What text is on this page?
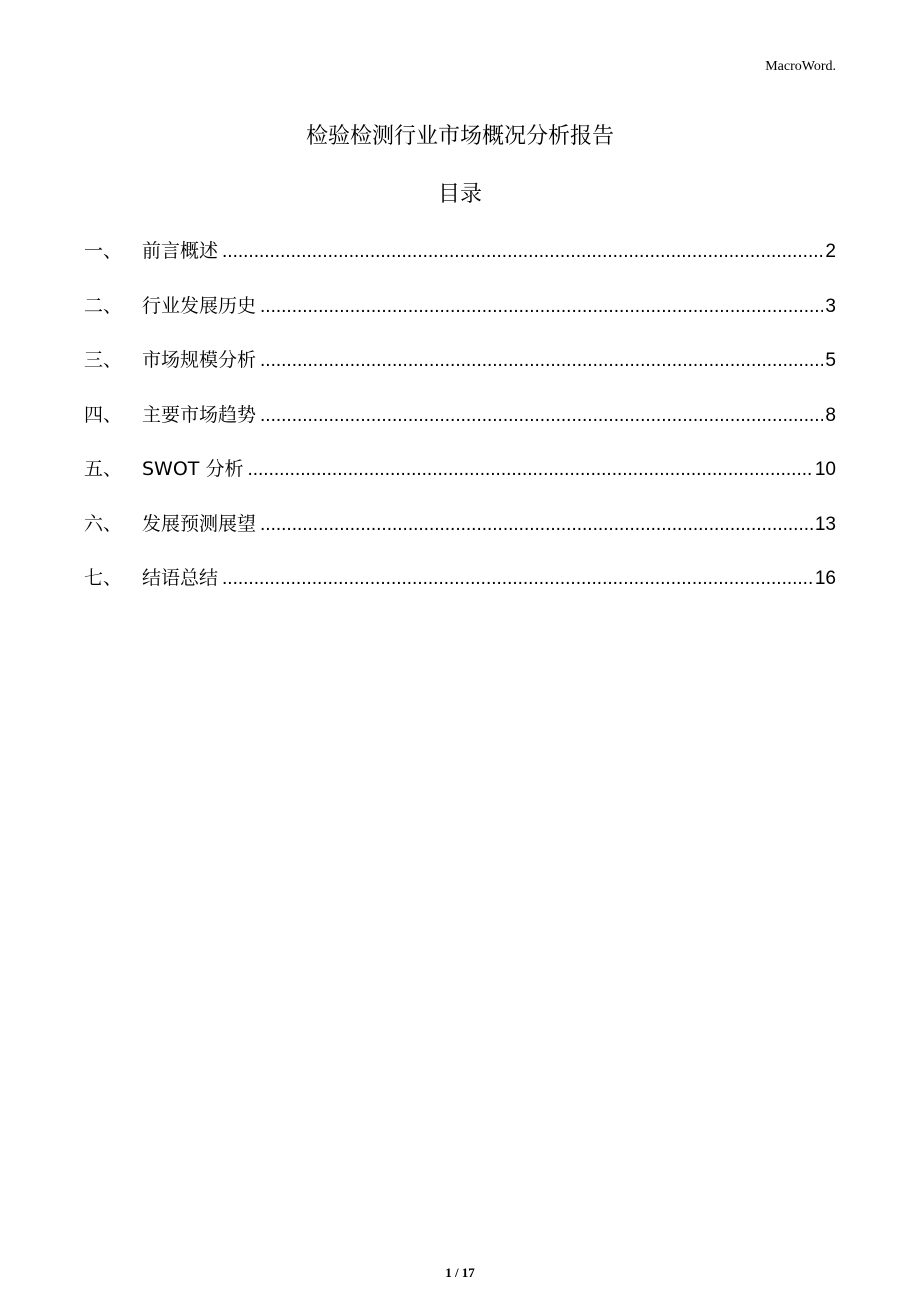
MacroWord.
检验检测行业市场概况分析报告
目录
一、	前言概述 .....	2
二、	行业发展历史 .....	3
三、	市场规模分析 .....	5
四、	主要市场趋势 .....	8
五、	SWOT 分析 .....	10
六、	发展预测展望 .....	13
七、	结语总结 .....	16
1 / 17
